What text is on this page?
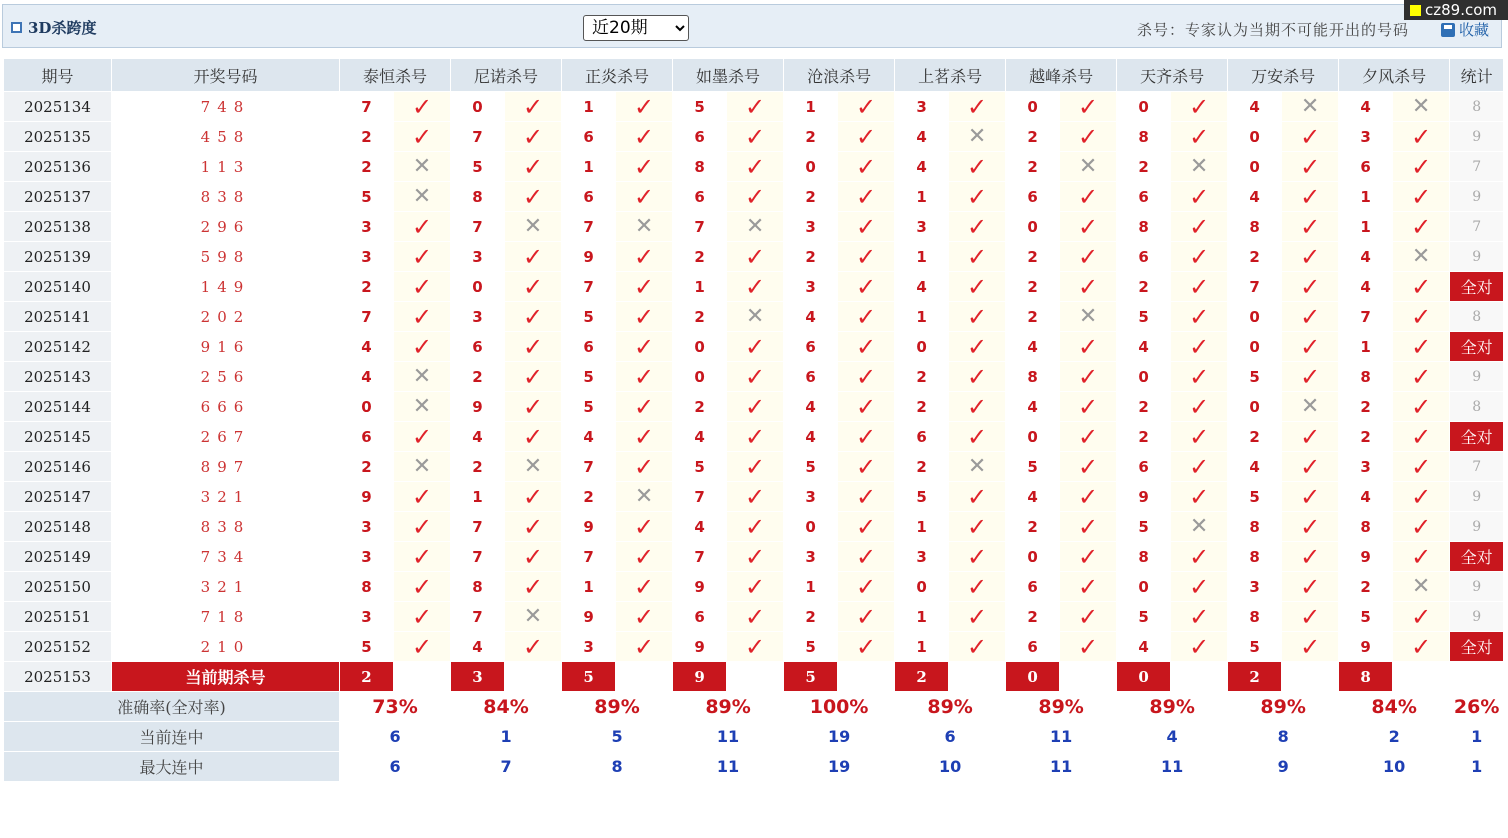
3D杀跨度
近20期	杀号：专家认为当期不可能开出的号码	收藏
cz89.com
期号	开奖号码	泰恒杀号		尼诺杀号		正炎杀号		如墨杀号		沧浪杀号		上茗杀号		越峰杀号		天齐杀号		万安杀号		夕风杀号		统计
2025134	748	7	✓	0	✓	1	✓	5	✓	1	✓	3	✓	0	✓	0	✓	4	✕	4	✕	8
2025135	458	2	✓	7	✓	6	✓	6	✓	2	✓	4	✕	2	✓	8	✓	0	✓	3	✓	9
2025136	113	2	✕	5	✓	1	✓	8	✓	0	✓	4	✓	2	✕	2	✕	0	✓	6	✓	7
2025137	838	5	✕	8	✓	6	✓	6	✓	2	✓	1	✓	6	✓	6	✓	4	✓	1	✓	9
2025138	296	3	✓	7	✕	7	✕	7	✕	3	✓	3	✓	0	✓	8	✓	8	✓	1	✓	7
2025139	598	3	✓	3	✓	9	✓	2	✓	2	✓	1	✓	2	✓	6	✓	2	✓	4	✕	9
2025140	149	2	✓	0	✓	7	✓	1	✓	3	✓	4	✓	2	✓	2	✓	7	✓	4	✓	全对
2025141	202	7	✓	3	✓	5	✓	2	✕	4	✓	1	✓	2	✕	5	✓	0	✓	7	✓	8
2025142	916	4	✓	6	✓	6	✓	0	✓	6	✓	0	✓	4	✓	4	✓	0	✓	1	✓	全对
2025143	256	4	✕	2	✓	5	✓	0	✓	6	✓	2	✓	8	✓	0	✓	5	✓	8	✓	9
2025144	666	0	✕	9	✓	5	✓	2	✓	4	✓	2	✓	4	✓	2	✓	0	✕	2	✓	8
2025145	267	6	✓	4	✓	4	✓	4	✓	4	✓	6	✓	0	✓	2	✓	2	✓	2	✓	全对
2025146	897	2	✕	2	✕	7	✓	5	✓	5	✓	2	✕	5	✓	6	✓	4	✓	3	✓	7
2025147	321	9	✓	1	✓	2	✕	7	✓	3	✓	5	✓	4	✓	9	✓	5	✓	4	✓	9
2025148	838	3	✓	7	✓	9	✓	4	✓	0	✓	1	✓	2	✓	5	✕	8	✓	8	✓	9
2025149	734	3	✓	7	✓	7	✓	7	✓	3	✓	3	✓	0	✓	8	✓	8	✓	9	✓	全对
2025150	321	8	✓	8	✓	1	✓	9	✓	1	✓	0	✓	6	✓	0	✓	3	✓	2	✕	9
2025151	718	3	✓	7	✕	9	✓	6	✓	2	✓	1	✓	2	✓	5	✓	8	✓	5	✓	9
2025152	210	5	✓	4	✓	3	✓	9	✓	5	✓	1	✓	6	✓	4	✓	5	✓	9	✓	全对
2025153	当前期杀号	2		3		5		9		5		2		0		0		2		8		
准确率(全对率)		73%		84%		89%		89%		100%		89%		89%		89%		89%		84%		26%
当前连中		6		1		5		11		19		6		11		4		8		2		1
最大连中		6		7		8		11		19		10		11		11		9		10		1
